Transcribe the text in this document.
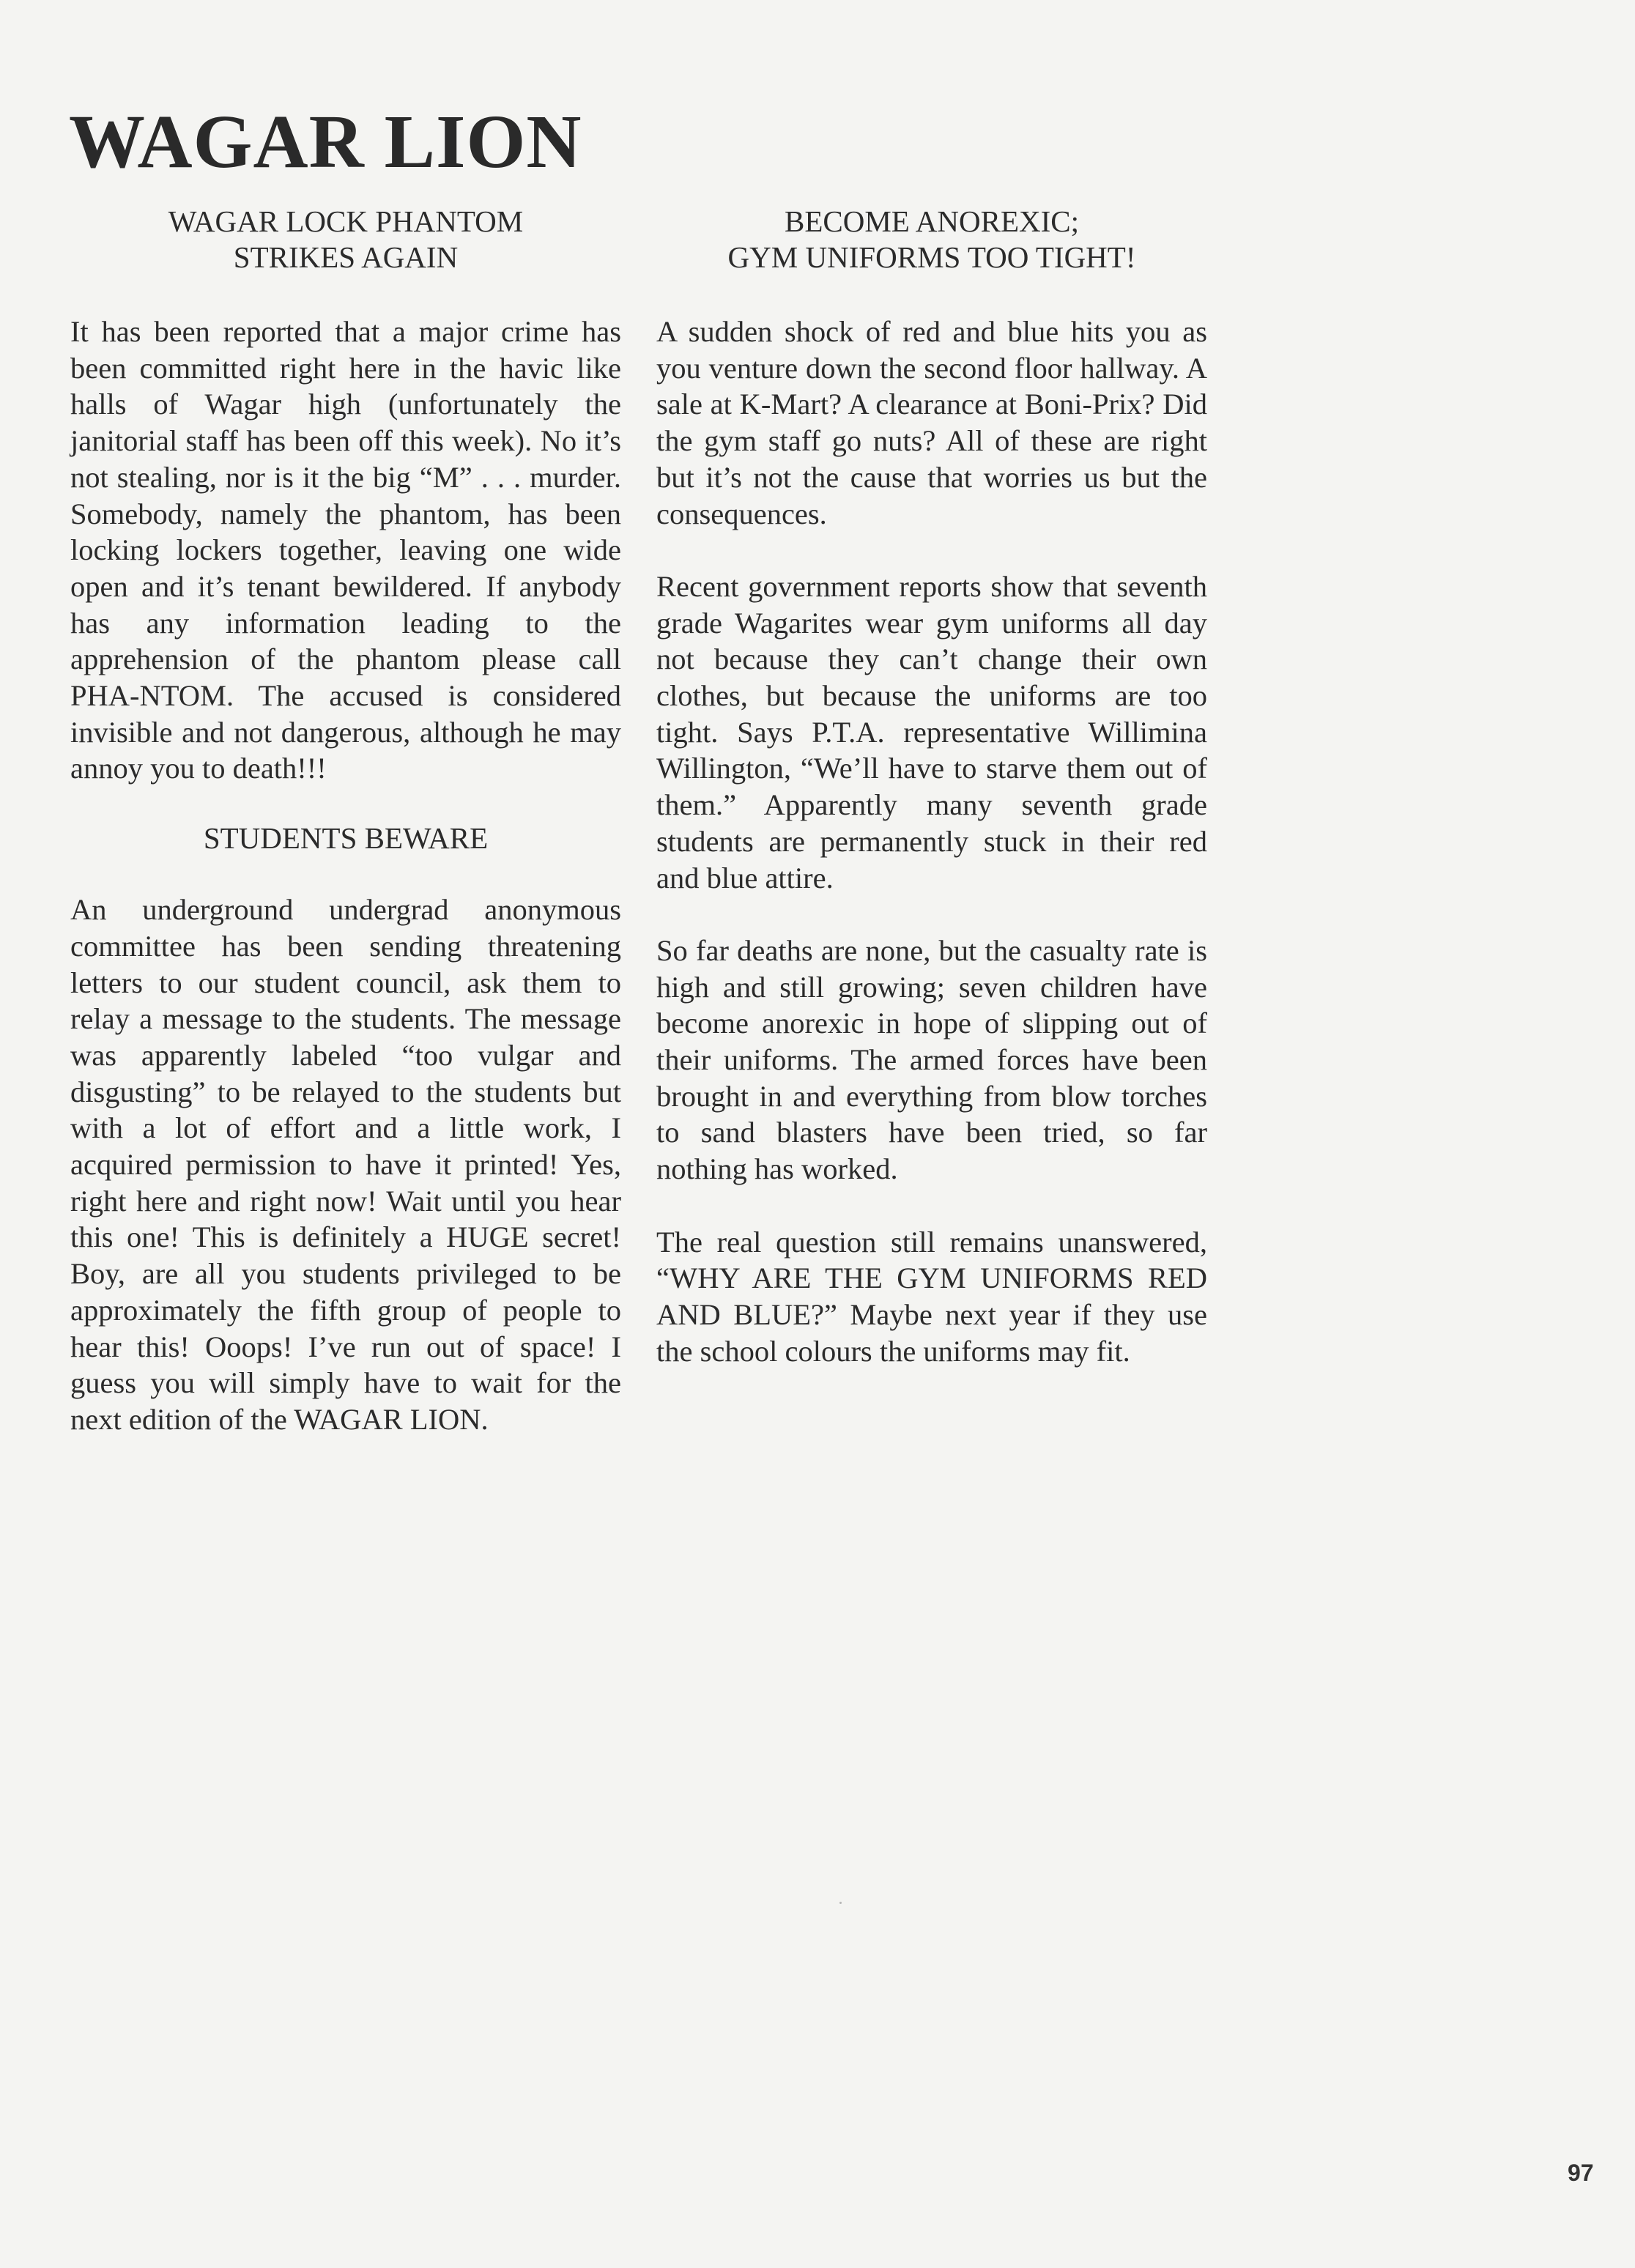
WAGAR LION
WAGAR LOCK PHANTOM
STRIKES AGAIN

It has been reported that a major crime has been committed right here in the havic like halls of Wagar high (unfortunately the janitorial staff has been off this week). No it’s not stealing, nor is it the big “M” . . . murder. Somebody, namely the phantom, has been locking lockers together, leaving one wide open and it’s tenant bewildered. If anybody has any information leading to the apprehension of the phantom please call PHA-NTOM. The accused is considered invisible and not dangerous, although he may annoy you to death!!!

STUDENTS BEWARE

An underground undergrad anonymous committee has been sending threatening letters to our student council, ask them to relay a message to the students. The message was apparently labeled “too vulgar and disgusting” to be relayed to the students but with a lot of effort and a little work, I acquired permission to have it printed! Yes, right here and right now! Wait until you hear this one! This is definitely a HUGE secret! Boy, are all you students privileged to be approximately the fifth group of people to hear this! Ooops! I’ve run out of space! I guess you will simply have to wait for the next edition of the WAGAR LION.

BECOME ANOREXIC;
GYM UNIFORMS TOO TIGHT!

A sudden shock of red and blue hits you as you venture down the second floor hallway. A sale at K-Mart? A clearance at Boni-Prix? Did the gym staff go nuts? All of these are right but it’s not the cause that worries us but the consequences.

Recent government reports show that seventh grade Wagarites wear gym uniforms all day not because they can’t change their own clothes, but because the uniforms are too tight. Says P.T.A. representative Willimina Willington, “We’ll have to starve them out of them.” Apparently many seventh grade students are permanently stuck in their red and blue attire.

So far deaths are none, but the casualty rate is high and still growing; seven children have become anorexic in hope of slipping out of their uniforms. The armed forces have been brought in and everything from blow torches to sand blasters have been tried, so far nothing has worked.

The real question still remains unanswered, “WHY ARE THE GYM UNIFORMS RED AND BLUE?” Maybe next year if they use the school colours the uniforms may fit.

97
